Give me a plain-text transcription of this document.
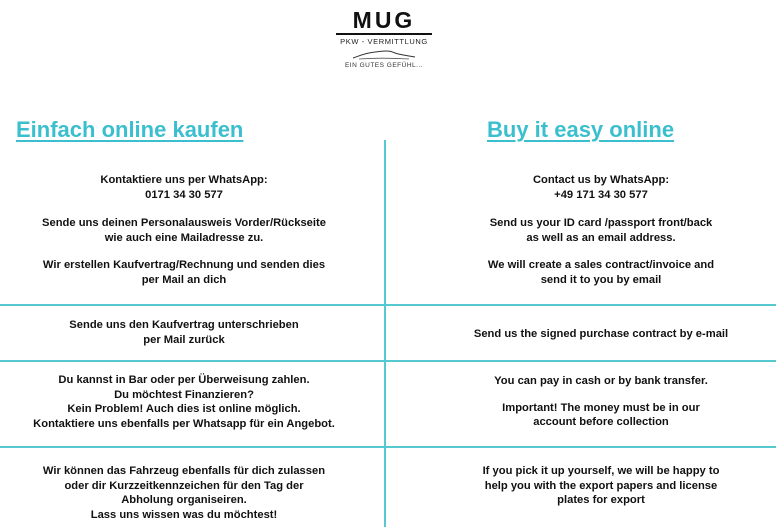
MUG
PKW - VERMITTLUNG
EIN GUTES GEFÜHL...
Einfach online kaufen	Buy it easy online
Kontaktiere uns per WhatsApp:
0171 34 30 577
Sende uns deinen Personalausweis Vorder/Rückseite
wie auch eine Mailadresse zu.
Wir erstellen Kaufvertrag/Rechnung und senden dies
per Mail an dich
Sende uns den Kaufvertrag unterschrieben
per Mail zurück
Du kannst in Bar oder per Überweisung zahlen.
Du möchtest Finanzieren?
Kein Problem! Auch dies ist online möglich.
Kontaktiere uns ebenfalls per Whatsapp für ein Angebot.
Wir können das Fahrzeug ebenfalls für dich zulassen
oder dir Kurzzeitkennzeichen für den Tag der
Abholung organiseiren.
Lass uns wissen was du möchtest!
Contact us by WhatsApp:
+49 171 34 30 577
Send us your ID card /passport front/back
as well as an email address.
We will create a sales contract/invoice and
send it to you by email
Send us the signed purchase contract by e-mail
You can pay in cash or by bank transfer.
Important! The money must be in our
account before collection
If you pick it up yourself, we will be happy to
help you with the export papers and license
plates for export
